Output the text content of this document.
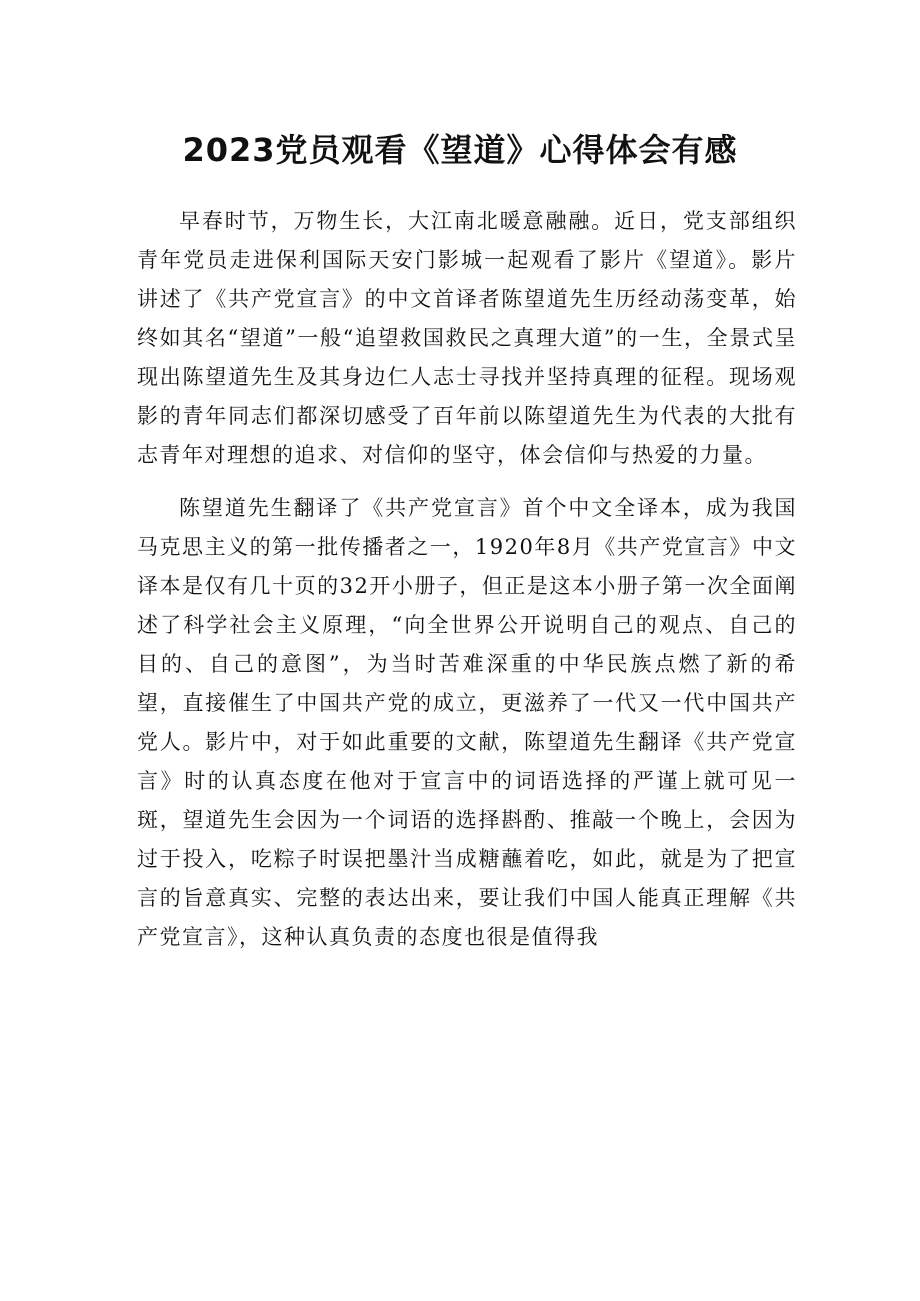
2023党员观看《望道》心得体会有感

早春时节，万物生长，大江南北暖意融融。近日，党支部组织青年党员走进保利国际天安门影城一起观看了影片《望道》。影片讲述了《共产党宣言》的中文首译者陈望道先生历经动荡变革，始终如其名“望道”一般“追望救国救民之真理大道”的一生，全景式呈现出陈望道先生及其身边仁人志士寻找并坚持真理的征程。现场观影的青年同志们都深切感受了百年前以陈望道先生为代表的大批有志青年对理想的追求、对信仰的坚守，体会信仰与热爱的力量。

陈望道先生翻译了《共产党宣言》首个中文全译本，成为我国马克思主义的第一批传播者之一，1920年8月《共产党宣言》中文译本是仅有几十页的32开小册子，但正是这本小册子第一次全面阐述了科学社会主义原理，“向全世界公开说明自己的观点、自己的目的、自己的意图”，为当时苦难深重的中华民族点燃了新的希望，直接催生了中国共产党的成立，更滋养了一代又一代中国共产党人。影片中，对于如此重要的文献，陈望道先生翻译《共产党宣言》时的认真态度在他对于宣言中的词语选择的严谨上就可见一斑，望道先生会因为一个词语的选择斟酌、推敲一个晚上，会因为过于投入，吃粽子时误把墨汁当成糖蘸着吃，如此，就是为了把宣言的旨意真实、完整的表达出来，要让我们中国人能真正理解《共产党宣言》，这种认真负责的态度也很是值得我
